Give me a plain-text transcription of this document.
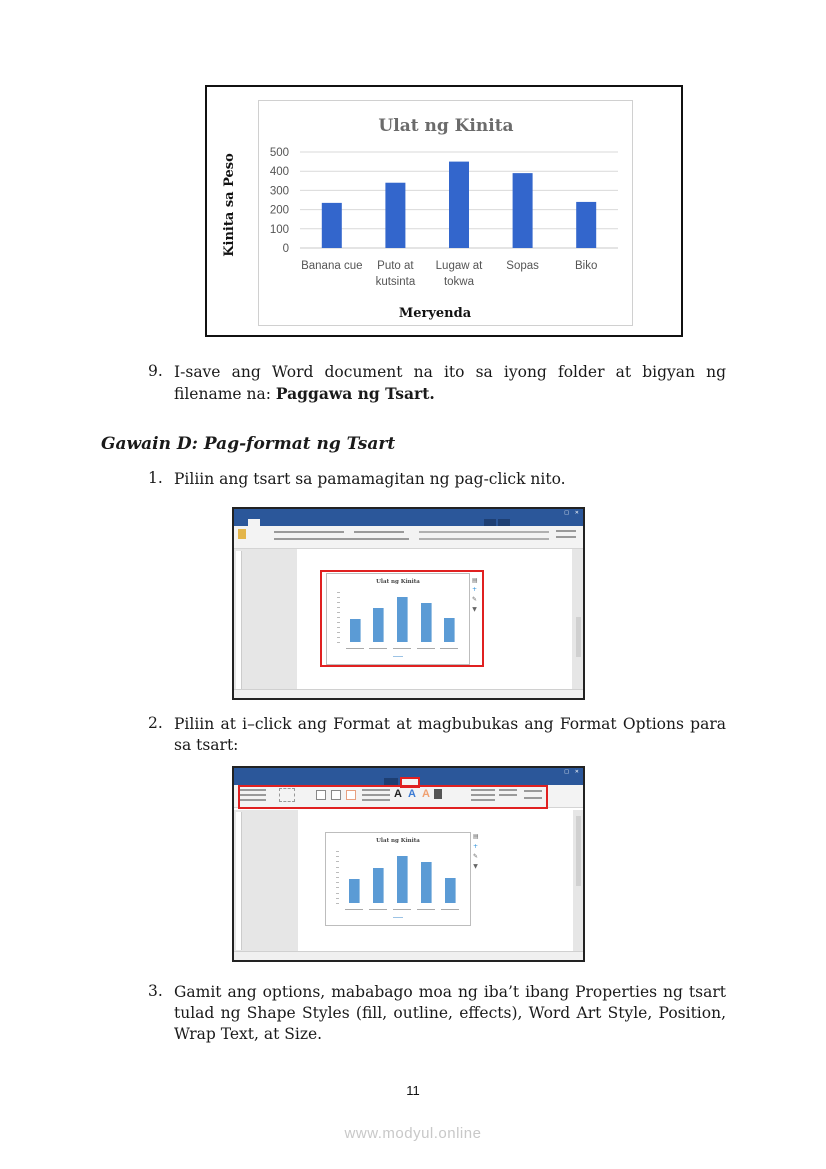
Ulat ng Kinita
0
100
200
300
400
500
Banana cue Puto at
kutsinta
Lugaw at
tokwa
Sopas	Biko
Kinita sa Peso
Meryenda
9. I-save ang Word document na ito sa iyong folder at bigyan ng filename na: Paggawa ng Tsart.
Gawain D: Pag-format ng Tsart
1. Piliin ang tsart sa pamamagitan ng pag-click nito.
✕
□
Ulat ng Kinita	▤
+
✎
▼
2. Piliin at i–click ang Format at magbubukas ang Format Options para sa tsart:
✕
□
A A A
Ulat ng Kinita
▤
+
✎
▼
3. Gamit ang options, mababago moa ng iba’t ibang Properties ng tsart tulad ng Shape Styles (fill, outline, effects), Word Art Style, Position, Wrap Text, at Size.
11
www.modyul.online
